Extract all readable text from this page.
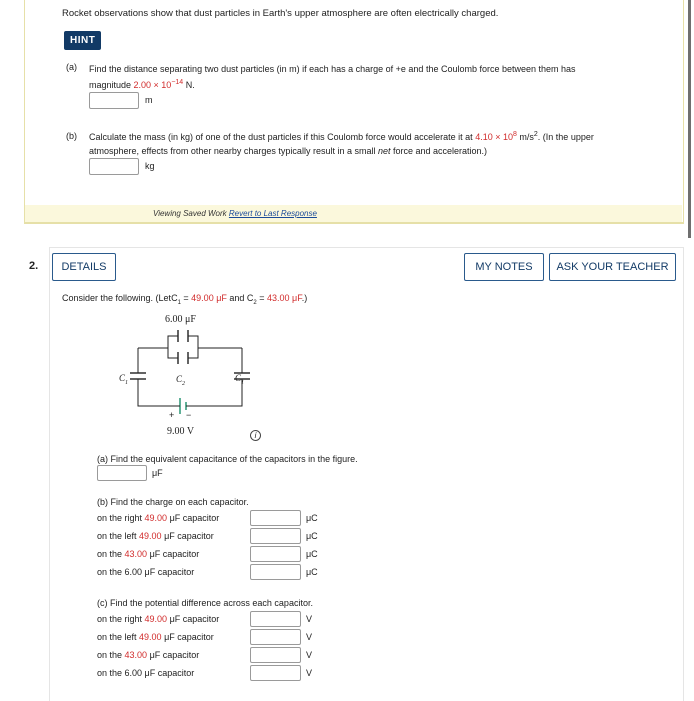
Rocket observations show that dust particles in Earth's upper atmosphere are often electrically charged.
HINT
(a) Find the distance separating two dust particles (in m) if each has a charge of +e and the Coulomb force between them has
magnitude $2.00 \times 10^{-14}$ N.
m
(b) Calculate the mass (in kg) of one of the dust particles if this Coulomb force would accelerate it at $4.10 \times 10^8$ $m/s^2$. (In the upper
atmosphere, effects from other nearby charges typically result in a small net force and acceleration.)
kg
Viewing Saved Work Revert to Last Response
2.	DETAILS	MY NOTES	ASK YOUR TEACHER
Consider the following. (LetC$_1$ = 49.00 μF and $C_2 = 43.00$ μF.)
6.00 μF
$C_1$	$C_2$
$C_1$
+ −
9.00 V	i
(a) Find the equivalent capacitance of the capacitors in the figure.
μF
(b) Find the charge on each capacitor.
on the right 49.00 μF capacitor	μC
on the left 49.00 μF capacitor	μC
on the 43.00 μF capacitor	μC
on the 6.00 μF capacitor	μC
(c) Find the potential difference across each capacitor.
on the right 49.00 μF capacitor	V
on the left 49.00 μF capacitor	V
on the 43.00 μF capacitor	V
on the 6.00 μF capacitor	V
